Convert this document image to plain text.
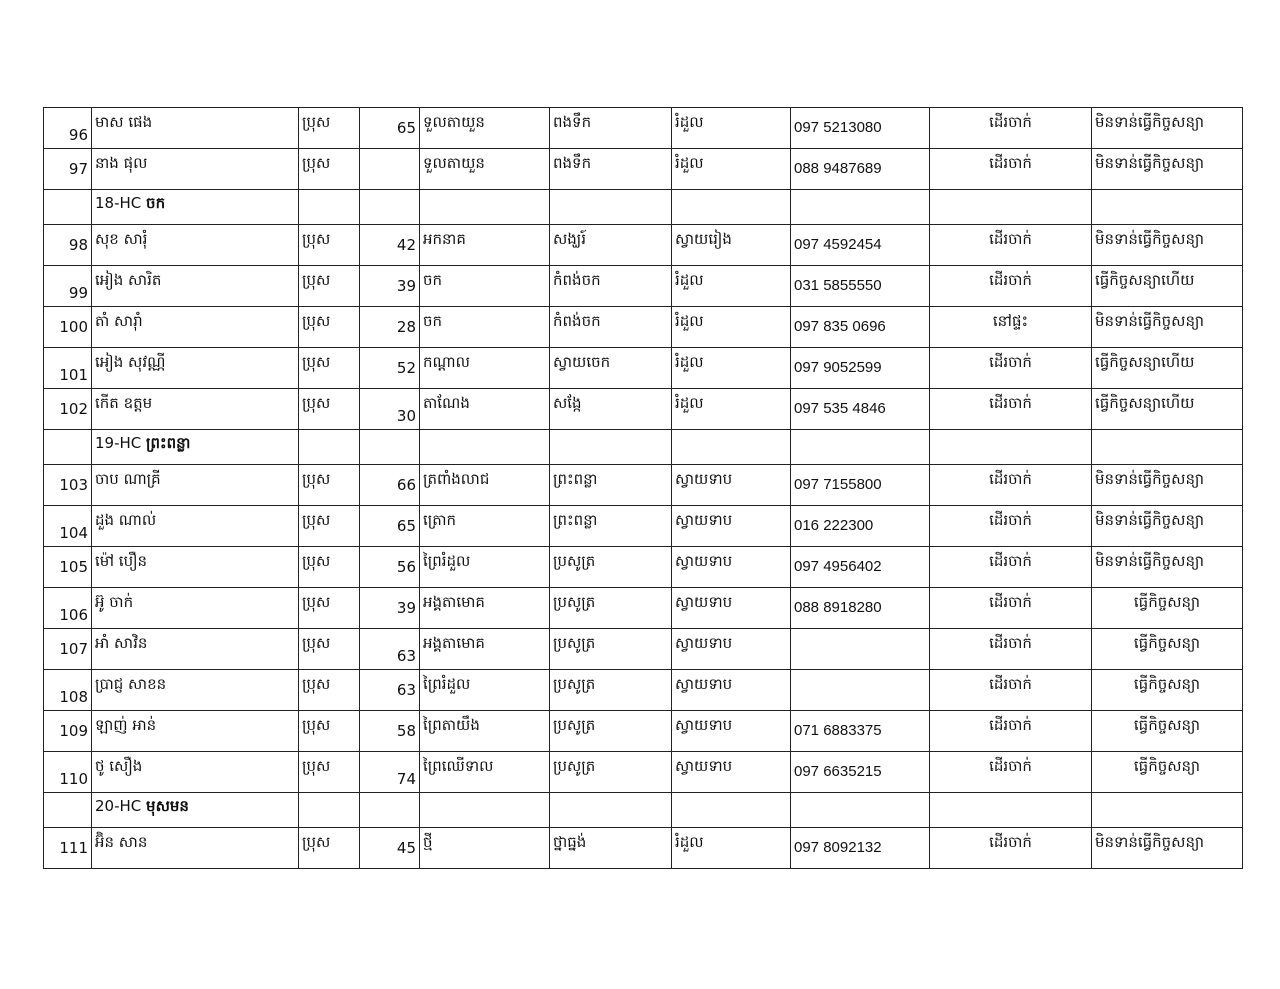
96	មាស ផេង	ប្រុស	65	ទួលតាយួន	ពងទឹក	រំដួល	097 5213080	ដើរចាក់	មិនទាន់ធ្វើកិច្ចសន្យា
97	នាង ផុល	ប្រុស		ទួលតាយួន	ពងទឹក	រំដួល	088 9487689	ដើរចាក់	មិនទាន់ធ្វើកិច្ចសន្យា
	18-HC ចក								
98	សុខ សារុំ	ប្រុស	42	អកនាគ	សង្ឃរ៍	ស្វាយរៀង	097 4592454	ដើរចាក់	មិនទាន់ធ្វើកិច្ចសន្យា
99	អៀង សារិត	ប្រុស	39	ចក	កំពង់ចក	រំដួល	031 5855550	ដើរចាក់	ធ្វើកិច្ចសន្យាហើយ
100	តាំ សារ៉ាំ	ប្រុស	28	ចក	កំពង់ចក	រំដួល	097 835 0696	នៅផ្ទះ	មិនទាន់ធ្វើកិច្ចសន្យា
101	អៀង សុវណ្ណី	ប្រុស	52	កណ្ដាល	ស្វាយចេក	រំដួល	097 9052599	ដើរចាក់	ធ្វើកិច្ចសន្យាហើយ
102	កើត ឧត្តម	ប្រុស	30	តាណែង	សង្កែ	រំដួល	097 535 4846	ដើរចាក់	ធ្វើកិច្ចសន្យាហើយ
	19-HC ព្រះពន្លា								
103	ចាប ណាគ្រី	ប្រុស	66	ត្រពាំងលាជ	ព្រះពន្លា	ស្វាយទាប	097 7155800	ដើរចាក់	មិនទាន់ធ្វើកិច្ចសន្យា
104	ដួង ណាល់	ប្រុស	65	ត្រោក	ព្រះពន្លា	ស្វាយទាប	016 222300	ដើរចាក់	មិនទាន់ធ្វើកិច្ចសន្យា
105	ម៉ៅ បឿន	ប្រុស	56	ព្រៃរំដួល	ប្រសូត្រ	ស្វាយទាប	097 4956402	ដើរចាក់	មិនទាន់ធ្វើកិច្ចសន្យា
106	អ៊ូ ចាក់	ប្រុស	39	អង្គតាមោគ	ប្រសូត្រ	ស្វាយទាប	088 8918280	ដើរចាក់	ធ្វើកិច្ចសន្យា
107	អាំ សាវិន	ប្រុស	63	អង្គតាមោគ	ប្រសូត្រ	ស្វាយទាប		ដើរចាក់	ធ្វើកិច្ចសន្យា
108	ប្រាជ្ញ សាខន	ប្រុស	63	ព្រៃរំដួល	ប្រសូត្រ	ស្វាយទាប		ដើរចាក់	ធ្វើកិច្ចសន្យា
109	ឡាញ់ អាន់	ប្រុស	58	ព្រៃតាយឹង	ប្រសូត្រ	ស្វាយទាប	071 6883375	ដើរចាក់	ធ្វើកិច្ចសន្យា
110	ថូ សឿង	ប្រុស	74	ព្រៃឈើទាល	ប្រសូត្រ	ស្វាយទាប	097 6635215	ដើរចាក់	ធ្វើកិច្ចសន្យា
	20-HC មុសមន								
111	អ៊ិន សាន	ប្រុស	45	ថ្មី	ថ្នាធ្នង់	រំដួល	097 8092132	ដើរចាក់	មិនទាន់ធ្វើកិច្ចសន្យា
